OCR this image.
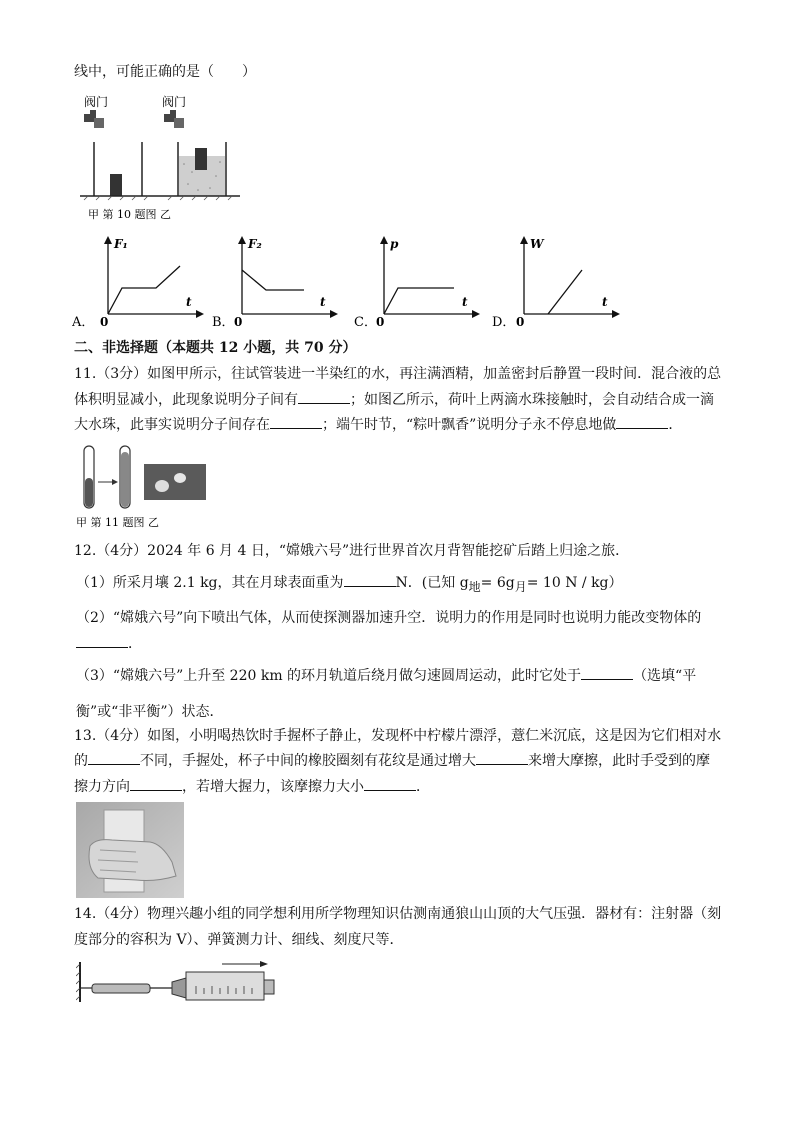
线中，可能正确的是（　　）
阀门	阀门
甲 第 10 题图 乙
A．
F₁
t
0	B．
F₂
t
0	C．
p
t
0	D．
W
t
0
二、非选择题（本题共 12 小题，共 70 分）
11.（3分）如图甲所示，往试管装进一半染红的水，再注满酒精，加盖密封后静置一段时间．混合液的总
体积明显减小，此现象说明分子间有	；如图乙所示，荷叶上两滴水珠接触时，会自动结合成一滴
大水珠，此事实说明分子间存在	；端午时节，“粽叶飘香”说明分子永不停息地做	．
甲 第 11 题图 乙
12.（4分）2024 年 6 月 4 日，“嫦娥六号”进行世界首次月背智能挖矿后踏上归途之旅．
（1）所采月壤 2.1 kg，其在月球表面重为	N．(已知 $g_地= 6g_月= 10$ N / kg）
（2）“嫦娥六号”向下喷出气体，从而使探测器加速升空．说明力的作用是同时也说明力能改变物体的
．
（3）“嫦娥六号”上升至 220 km 的环月轨道后绕月做匀速圆周运动，此时它处于	（选填“平
衡”或“非平衡”）状态．
13.（4分）如图，小明喝热饮时手握杯子静止，发现杯中柠檬片漂浮，薏仁米沉底，这是因为它们相对水
的	不同，手握处，杯子中间的橡胶圈刻有花纹是通过增大	来增大摩擦，此时手受到的摩
擦力方向	，若增大握力，该摩擦力大小	．
14.（4分）物理兴趣小组的同学想利用所学物理知识估测南通狼山山顶的大气压强．器材有：注射器（刻
度部分的容积为 V）、弹簧测力计、细线、刻度尺等．
